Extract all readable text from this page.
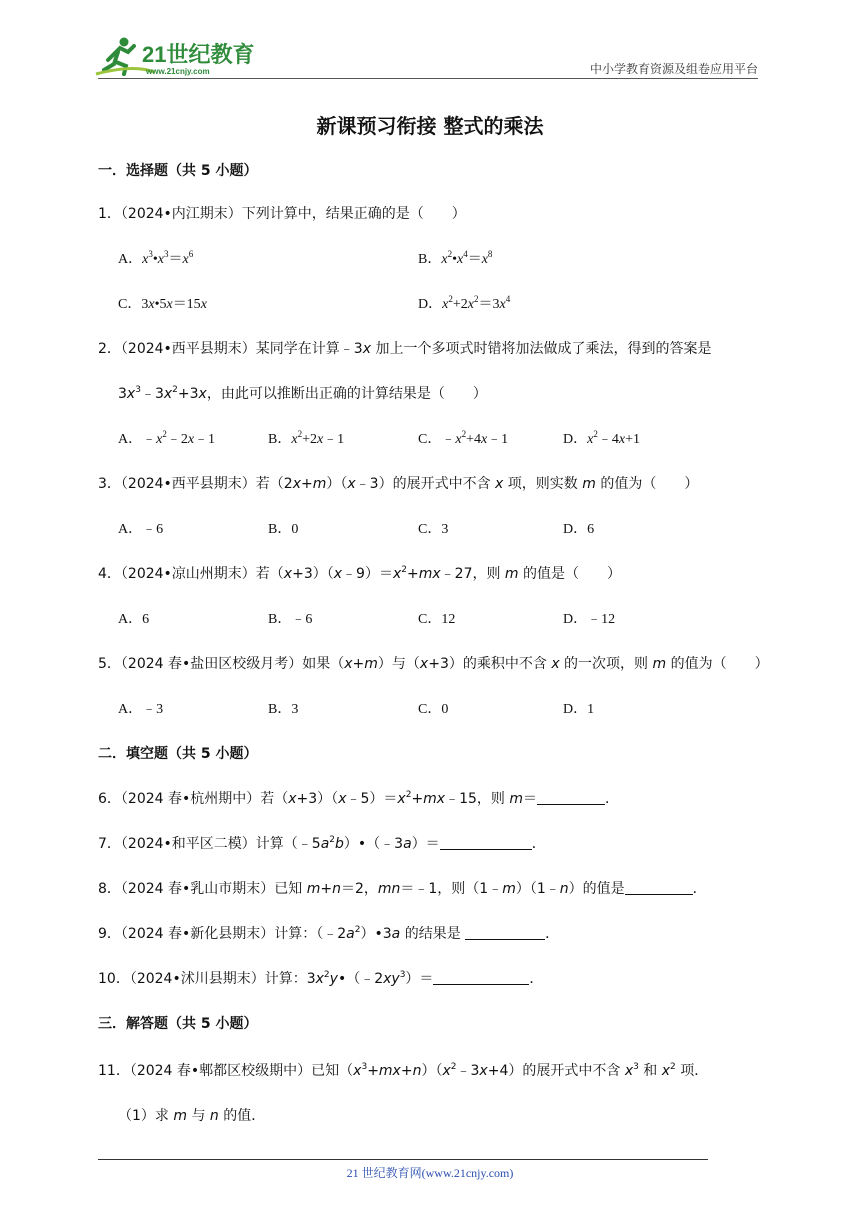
21世纪教育
www.21cnjy.com	中小学教育资源及组卷应用平台
新课预习衔接 整式的乘法
一．选择题（共 5 小题）
1．（2024•内江期末）下列计算中，结果正确的是（　　）
A．$x^3•x^3=x^6$	B．$x^2•x^4=x^8$
C．3x•5x＝15x	D．$x^2+2x^2=3x^4$
2．（2024•西平县期末）某同学在计算﹣3x 加上一个多项式时错将加法做成了乘法，得到的答案是
$3x^3﹣3x^2+3x$，由此可以推断出正确的计算结果是（　　）
A．$﹣x^2﹣2x﹣1$	B．$x^2+2x﹣1$	C．$﹣x^2+4x﹣1$	D．$x^2﹣4x+1$
3．（2024•西平县期末）若（2x+m）（x﹣3）的展开式中不含 x 项，则实数 m 的值为（　　）
A．﹣6	B．0	C．3	D．6
4．（2024•凉山州期末）若$(x+3)(x﹣9)=x^2+mx﹣27$，则 m 的值是（　　）
A．6	B．﹣6	C．12	D．﹣12
5．（2024 春•盐田区校级月考）如果（x+m）与（x+3）的乘积中不含 x 的一次项，则 m 的值为（　　）
A．﹣3	B．3	C．0	D．1
二．填空题（共 5 小题）
6．（2024 春•杭州期中）若$(x+3)(x﹣5)=x^2+mx﹣15$，则 m＝	．
7．（2024•和平区二模）计算$(﹣5a^2b)•(﹣3a)=$	．
8．（2024 春•乳山市期末）已知 m+n＝2，mn＝﹣1，则（1﹣m）（1﹣n）的值是	．
9．（2024 春•新化县期末）计算：$(﹣2a^2)•3a$ 的结果是	．
10．（2024•沭川县期末）计算：$3x^2y•(﹣2xy^3)=$	．
三．解答题（共 5 小题）
11．（2024 春•郫都区校级期中）已知$(x^3+mx+n)(x^2﹣3x+4)$的展开式中不含 $x^3$ 和 $x^2$ 项．
（1）求 m 与 n 的值．
21 世纪教育网(www.21cnjy.com)
